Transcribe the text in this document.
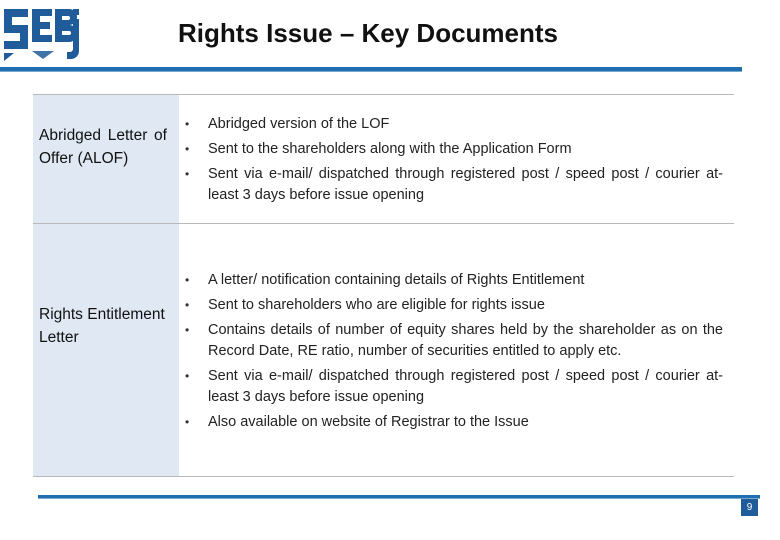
Rights Issue – Key Documents
Abridged Letter of Offer (ALOF)
• Abridged version of the LOF
• Sent to the shareholders along with the Application Form
• Sent via e-mail/ dispatched through registered post / speed post / courier at-least 3 days before issue opening
Rights Entitlement Letter
• A letter/ notification containing details of Rights Entitlement
• Sent to shareholders who are eligible for rights issue
• Contains details of number of equity shares held by the shareholder as on the Record Date, RE ratio, number of securities entitled to apply etc.
• Sent via e-mail/ dispatched through registered post / speed post / courier at-least 3 days before issue opening
• Also available on website of Registrar to the Issue
9
